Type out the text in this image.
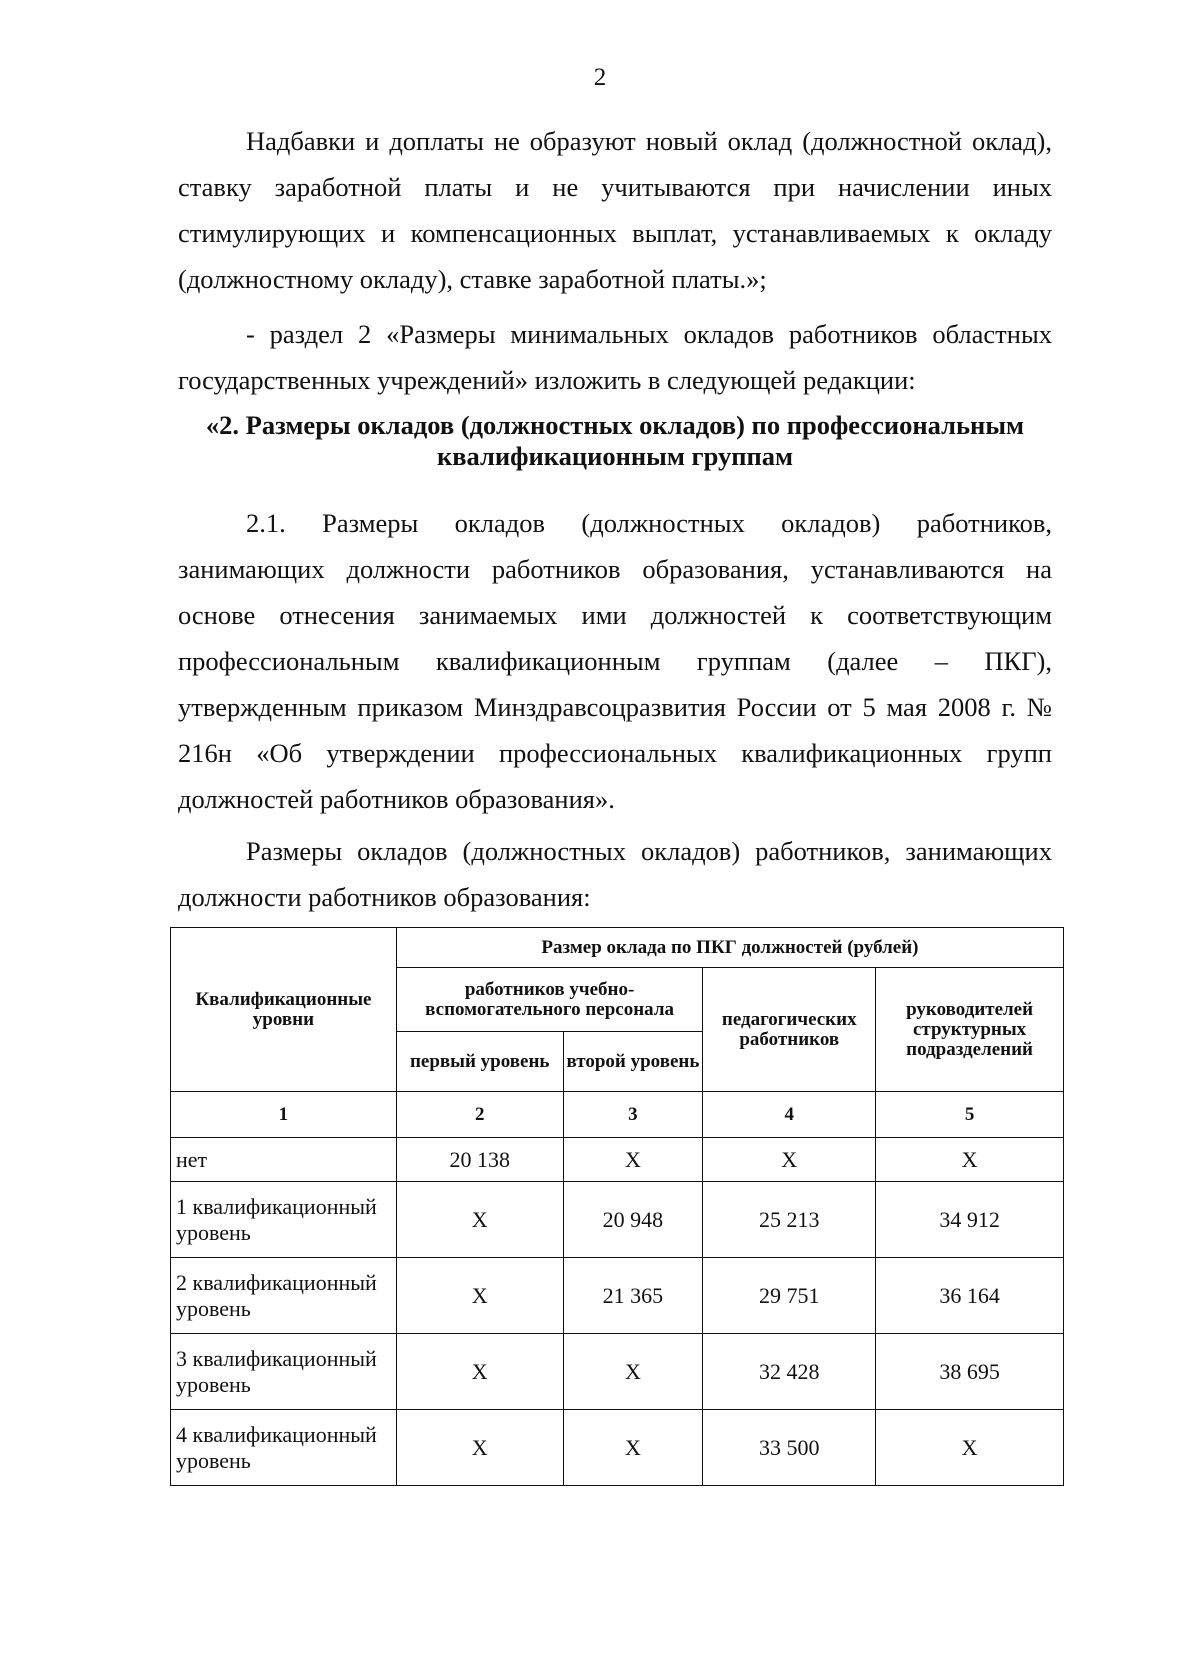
2

Надбавки и доплаты не образуют новый оклад (должностной оклад), ставку заработной платы и не учитываются при начислении иных стимулирующих и компенсационных выплат, устанавливаемых к окладу (должностному окладу), ставке заработной платы.»;

- раздел 2 «Размеры минимальных окладов работников областных государственных учреждений» изложить в следующей редакции:

«2. Размеры окладов (должностных окладов) по профессиональным
квалификационным группам

2.1. Размеры окладов (должностных окладов) работников, занимающих должности работников образования, устанавливаются на основе отнесения занимаемых ими должностей к соответствующим профессиональным квалификационным группам (далее – ПКГ), утвержденным приказом Минздравсоцразвития России от 5 мая 2008 г. № 216н «Об утверждении профессиональных квалификационных групп должностей работников образования».

Размеры окладов (должностных окладов) работников, занимающих должности работников образования:

Квалификационные уровни	Размер оклада по ПКГ должностей (рублей)			
	работников учебно-вспомогательного персонала		педагогических работников	руководителей структурных подразделений
	первый уровень	второй уровень		
1	2	3	4	5
нет	20 138	X	X	X
1 квалификационный уровень	X	20 948	25 213	34 912
2 квалификационный уровень	X	21 365	29 751	36 164
3 квалификационный уровень	X	X	32 428	38 695
4 квалификационный уровень	X	X	33 500	X
